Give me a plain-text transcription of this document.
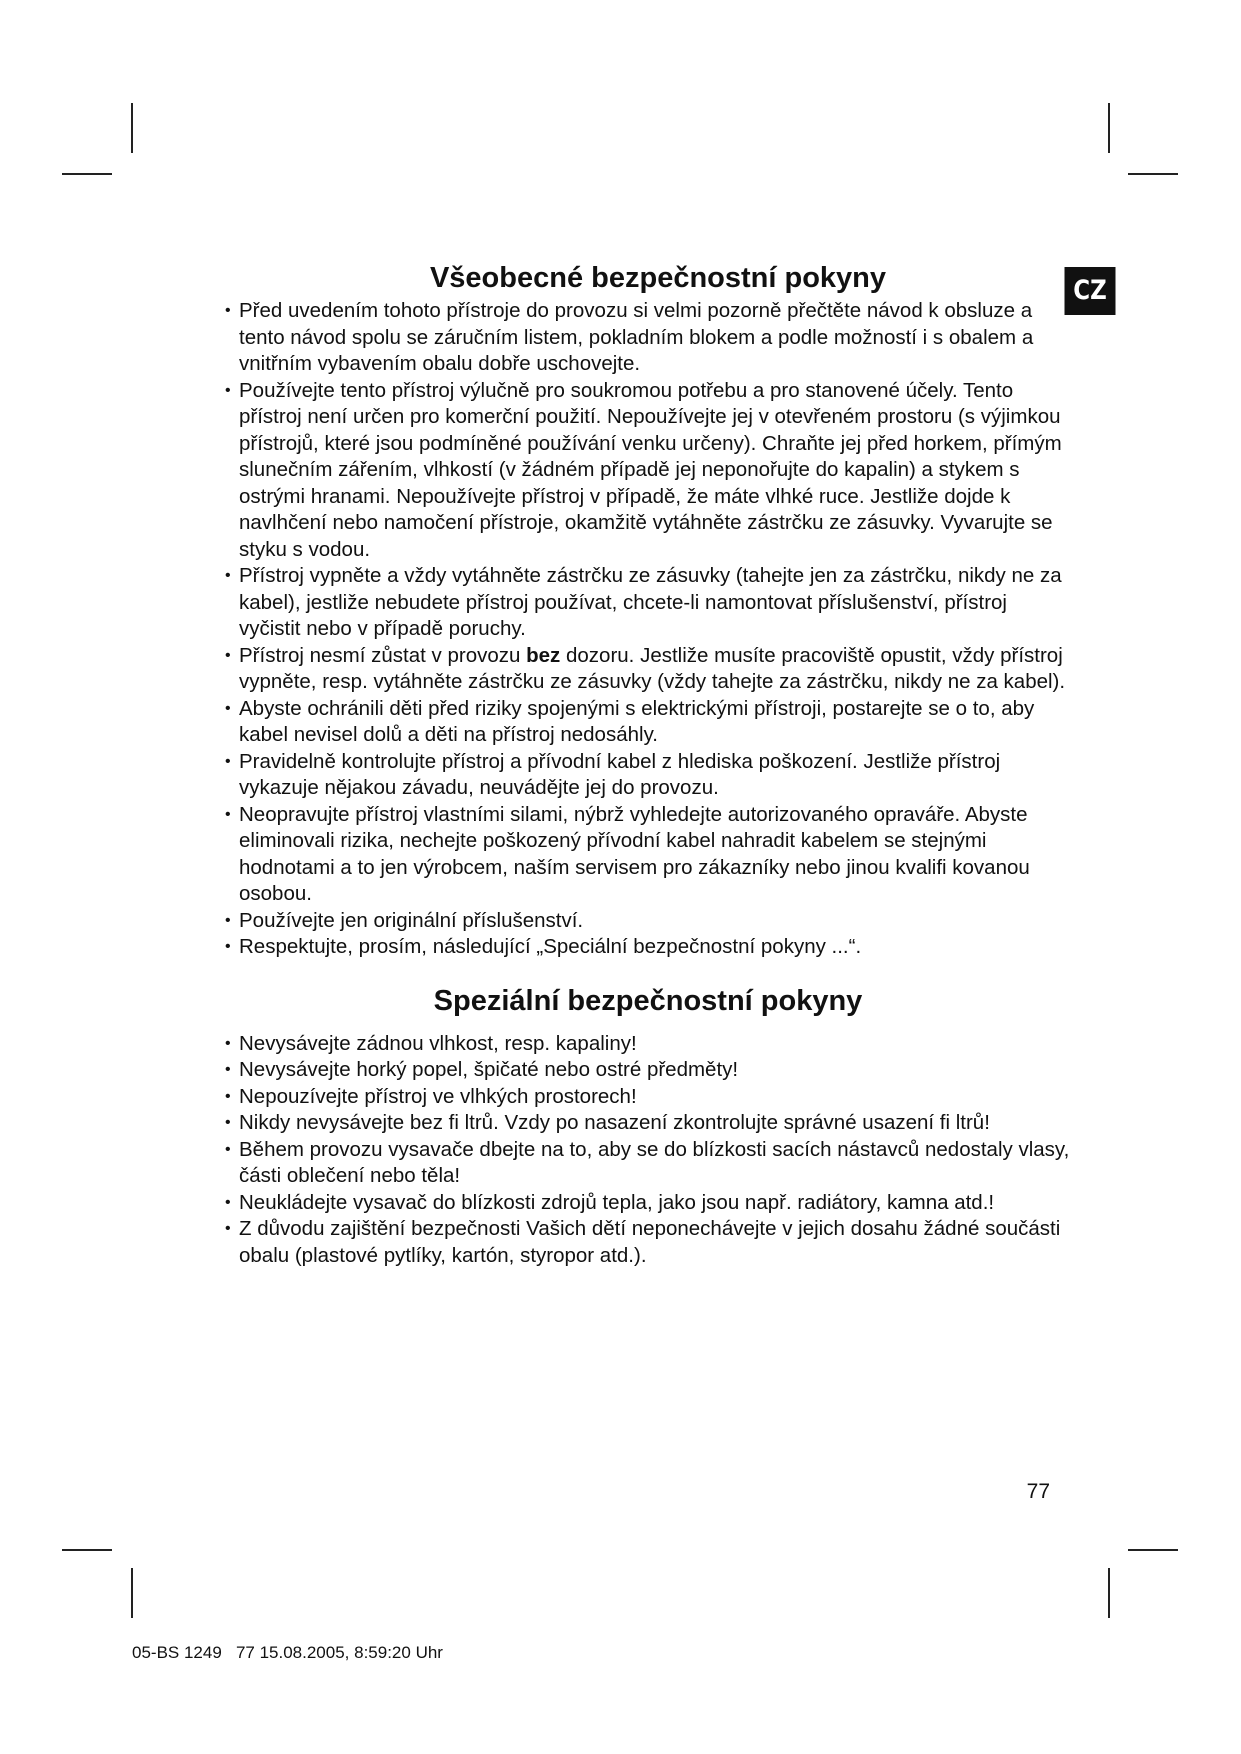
CZ
Všeobecné bezpečnostní pokyny
• Před uvedením tohoto přístroje do provozu si velmi pozorně přečtěte návod k obsluze a tento návod spolu se záručním listem, pokladním blokem a podle možností i s obalem a vnitřním vybavením obalu dobře uschovejte.
• Používejte tento přístroj výlučně pro soukromou potřebu a pro stanovené účely. Tento přístroj není určen pro komerční použití. Nepoužívejte jej v otevřeném prostoru (s výjimkou přístrojů, které jsou podmíněné používání venku určeny). Chraňte jej před horkem, přímým slunečním zářením, vlhkostí (v žádném případě jej neponořujte do kapalin) a stykem s ostrými hranami. Nepoužívejte přístroj v případě, že máte vlhké ruce. Jestliže dojde k navlhčení nebo namočení přístroje, okamžitě vytáhněte zástrčku ze zásuvky. Vyvarujte se styku s vodou.
• Přístroj vypněte a vždy vytáhněte zástrčku ze zásuvky (tahejte jen za zástrčku, nikdy ne za kabel), jestliže nebudete přístroj používat, chcete-li namontovat příslušenství, přístroj vyčistit nebo v případě poruchy.
• Přístroj nesmí zůstat v provozu bez dozoru. Jestliže musíte pracoviště opustit, vždy přístroj vypněte, resp. vytáhněte zástrčku ze zásuvky (vždy tahejte za zástrčku, nikdy ne za kabel).
• Abyste ochránili děti před riziky spojenými s elektrickými přístroji, postarejte se o to, aby kabel nevisel dolů a děti na přístroj nedosáhly.
• Pravidelně kontrolujte přístroj a přívodní kabel z hlediska poškození. Jestliže přístroj vykazuje nějakou závadu, neuvádějte jej do provozu.
• Neopravujte přístroj vlastními silami, nýbrž vyhledejte autorizovaného opraváře. Abyste eliminovali rizika, nechejte poškozený přívodní kabel nahradit kabelem se stejnými hodnotami a to jen výrobcem, naším servisem pro zákazníky nebo jinou kvalifi kovanou osobou.
• Používejte jen originální příslušenství.
• Respektujte, prosím, následující „Speciální bezpečnostní pokyny ...“.
Speziální bezpečnostní pokyny
• Nevysávejte zádnou vlhkost, resp. kapaliny!
• Nevysávejte horký popel, špičaté nebo ostré předměty!
• Nepouzívejte přístroj ve vlhkých prostorech!
• Nikdy nevysávejte bez fi ltrů. Vzdy po nasazení zkontrolujte správné usazení fi ltrů!
• Během provozu vysavače dbejte na to, aby se do blízkosti sacích nástavců nedostaly vlasy, části oblečení nebo těla!
• Neukládejte vysavač do blízkosti zdrojů tepla, jako jsou např. radiátory, kamna atd.!
• Z důvodu zajištění bezpečnosti Vašich dětí neponechávejte v jejich dosahu žádné součásti obalu (plastové pytlíky, kartón, styropor atd.).
77
05-BS 1249   77 15.08.2005, 8:59:20 Uhr
